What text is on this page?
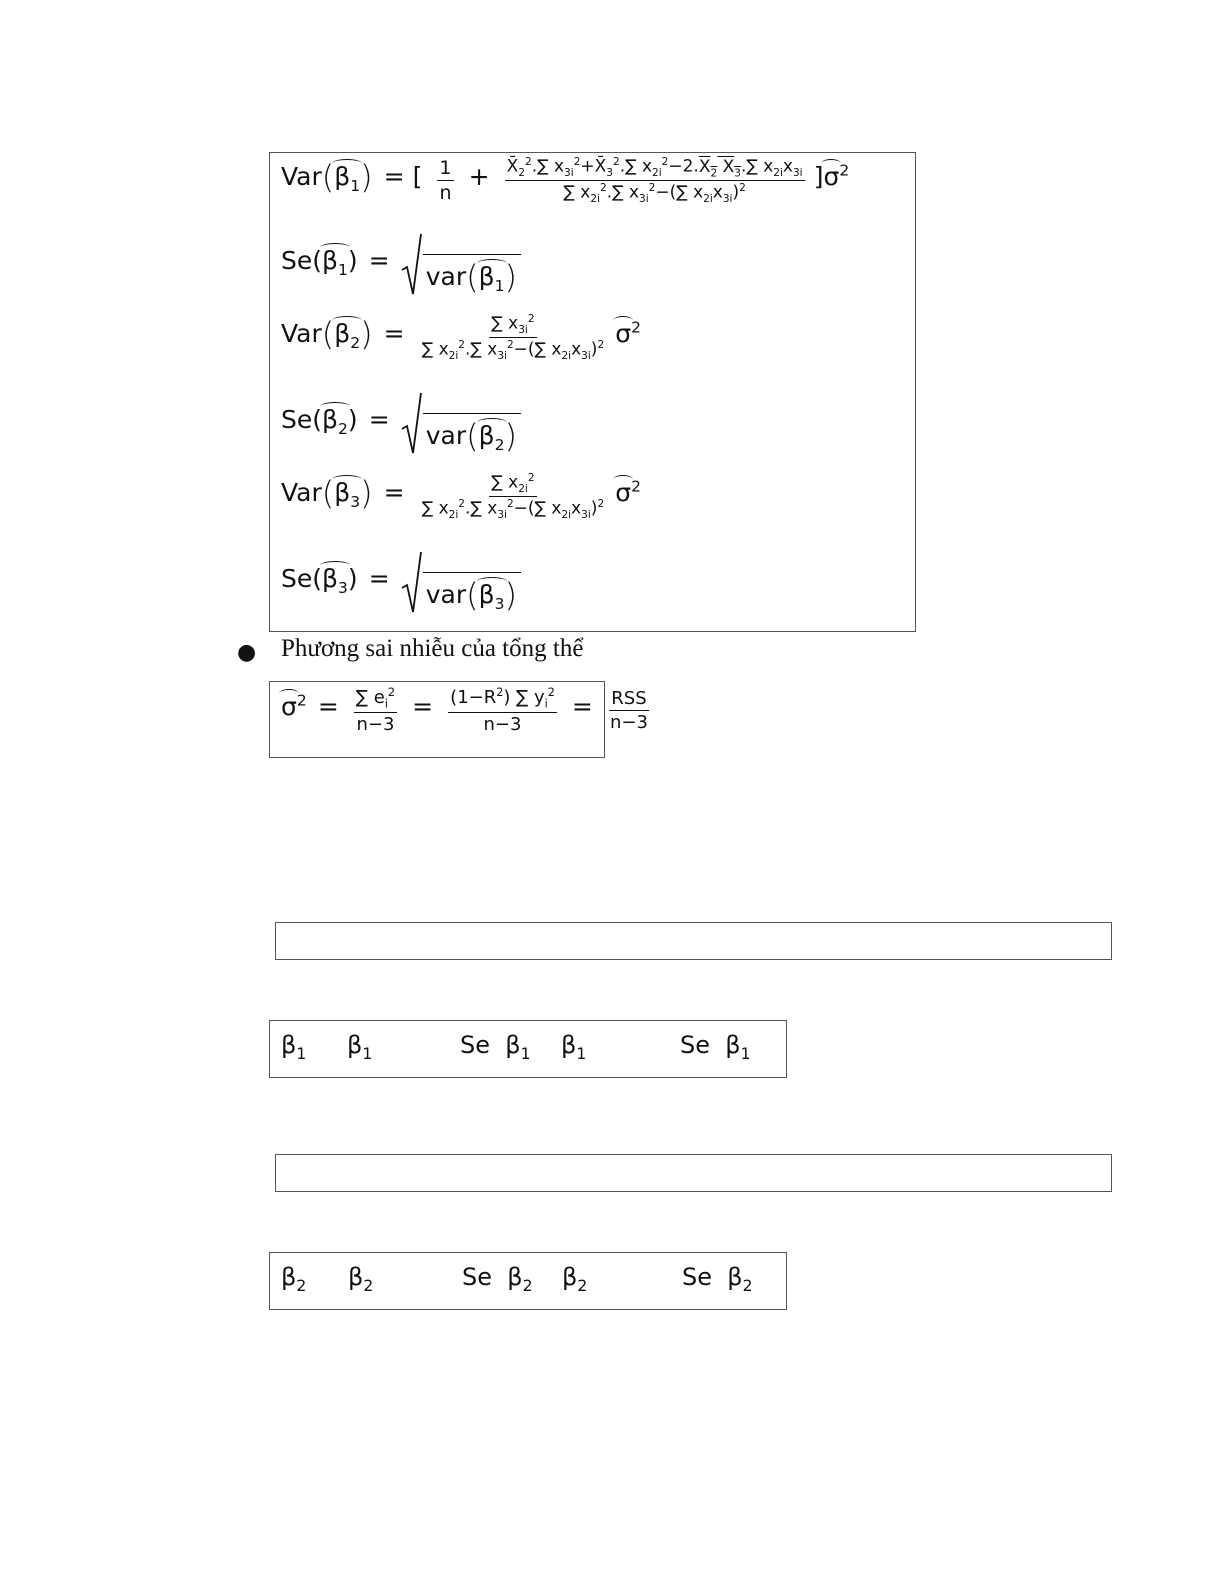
$Var(\beta_1)$ = [ $\frac{1}{n} + \frac{X̄_2^2.\sum x_{3i}^2+X̄_3^2.\sum x_{2i}^2-2.X_2 X_3.\sum x_{2i}x_{3i}}{\sum x_{2i}^2.\sum x_{3i}^2-(\sum x_{2i}x_{3i})^2} ]\sigma^2$
$Se(\beta_1)$ =
$var(\beta_1)$
$Var(\beta_2) = \frac{\sum x_{3i}^2}{\sum x_{2i}^2.\sum x_{3i}^2-(\sum x_{2i}x_{3i})^2} \sigma^2$
$Se(\beta_2)$ =
$var(\beta_2)$
$Var(\beta_3) = \frac{\sum x_{2i}^2}{\sum x_{2i}^2.\sum x_{3i}^2-(\sum x_{2i}x_{3i})^2} \sigma^2$
$Se(\beta_3)$ =
$var(\beta_3)$
● Phương sai nhiễu của tổng thể
$\sigma^2 = \frac{\sum e_i^2}{n-3} = \frac{(1-R^2) \sum y_i^2}{n-3} = \frac{\text{RSS}}{n-3}$
$\beta_1$ $\beta_1$	Se  $\beta_1$ $\beta_1$	Se  $\beta_1$
$\beta_2$ $\beta_2$	Se  $\beta_2$ $\beta_2$	Se  $\beta_2$
